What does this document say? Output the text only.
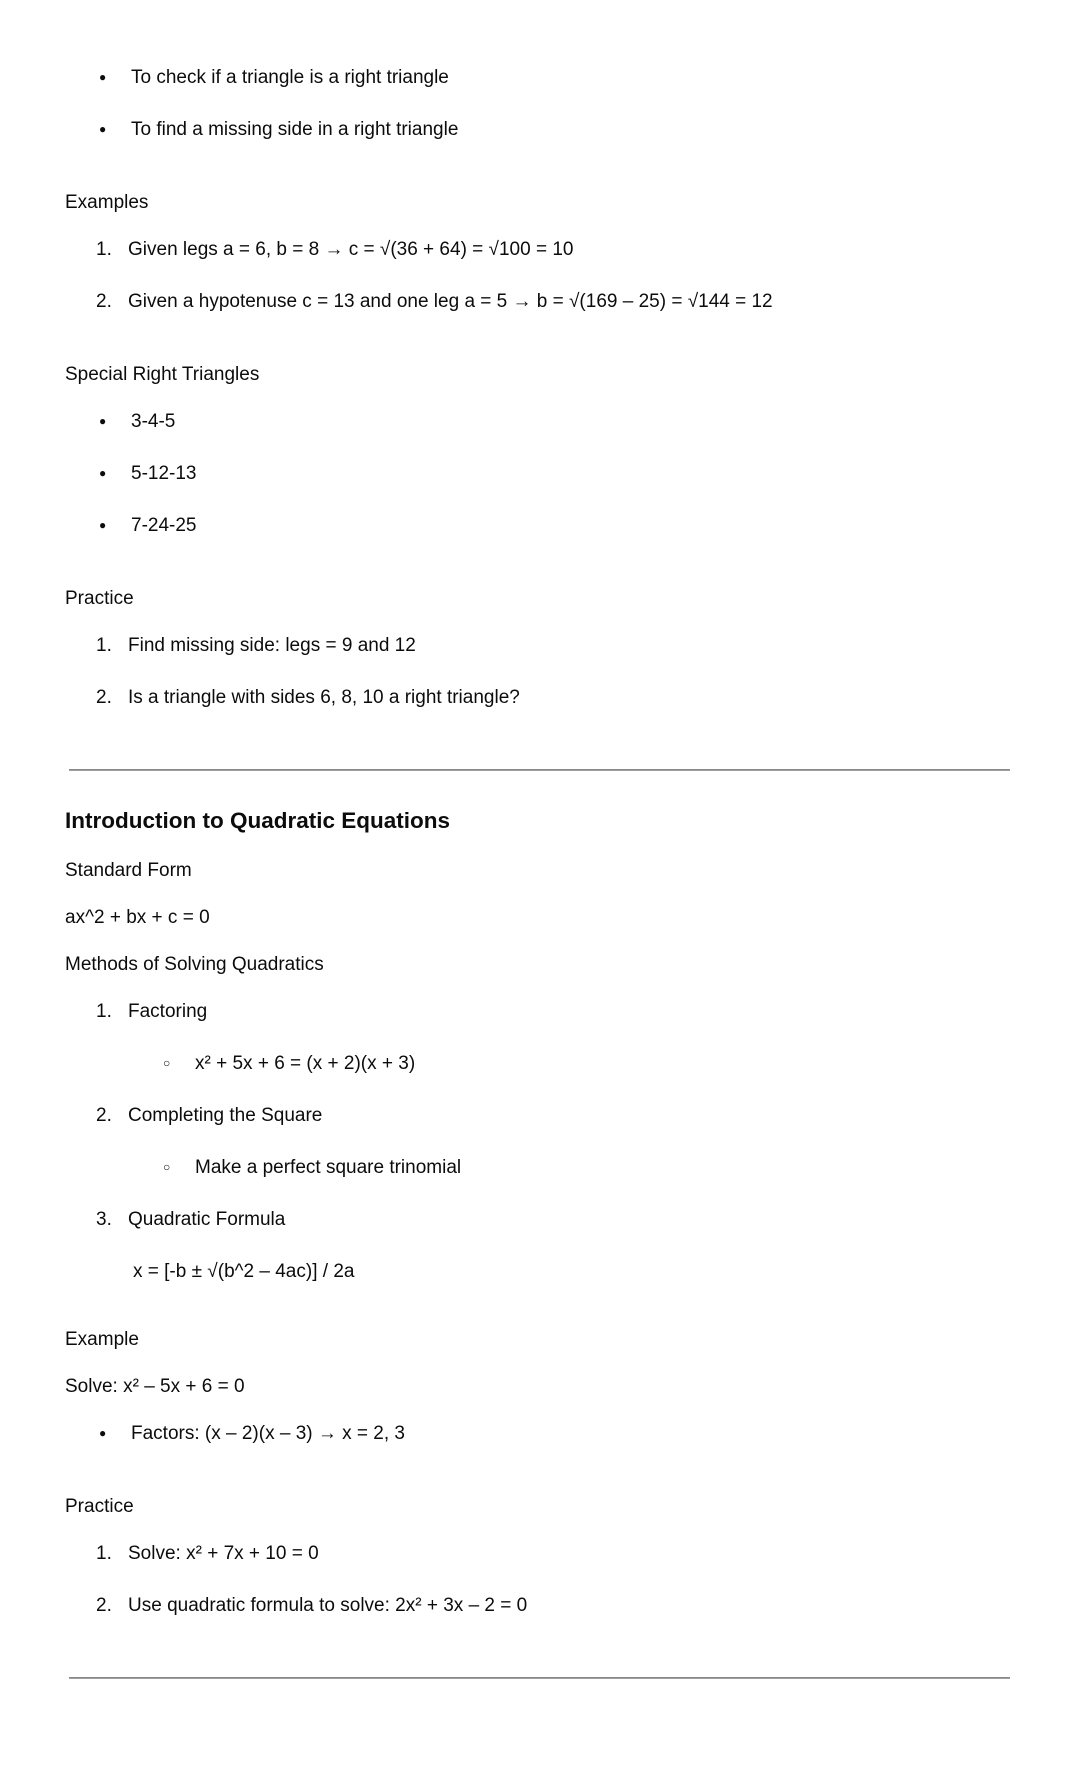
●	To check if a triangle is a right triangle
●	To find a missing side in a right triangle

Examples

1. Given legs a = 6, b = 8 → c = √(36 + 64) = √100 = 10
2. Given a hypotenuse c = 13 and one leg a = 5 → b = √(169 – 25) = √144 = 12

Special Right Triangles

●	3-4-5
●	5-12-13
●	7-24-25

Practice

1. Find missing side: legs = 9 and 12
2. Is a triangle with sides 6, 8, 10 a right triangle?
Introduction to Quadratic Equations

Standard Form

ax^2 + bx + c = 0

Methods of Solving Quadratics

1. Factoring
○	x² + 5x + 6 = (x + 2)(x + 3)
2. Completing the Square
○	Make a perfect square trinomial
3. Quadratic Formula

x = [-b ± √(b^2 – 4ac)] / 2a

Example

Solve: x² – 5x + 6 = 0

●	Factors: (x – 2)(x – 3) → x = 2, 3

Practice

1. Solve: x² + 7x + 10 = 0
2. Use quadratic formula to solve: 2x² + 3x – 2 = 0
